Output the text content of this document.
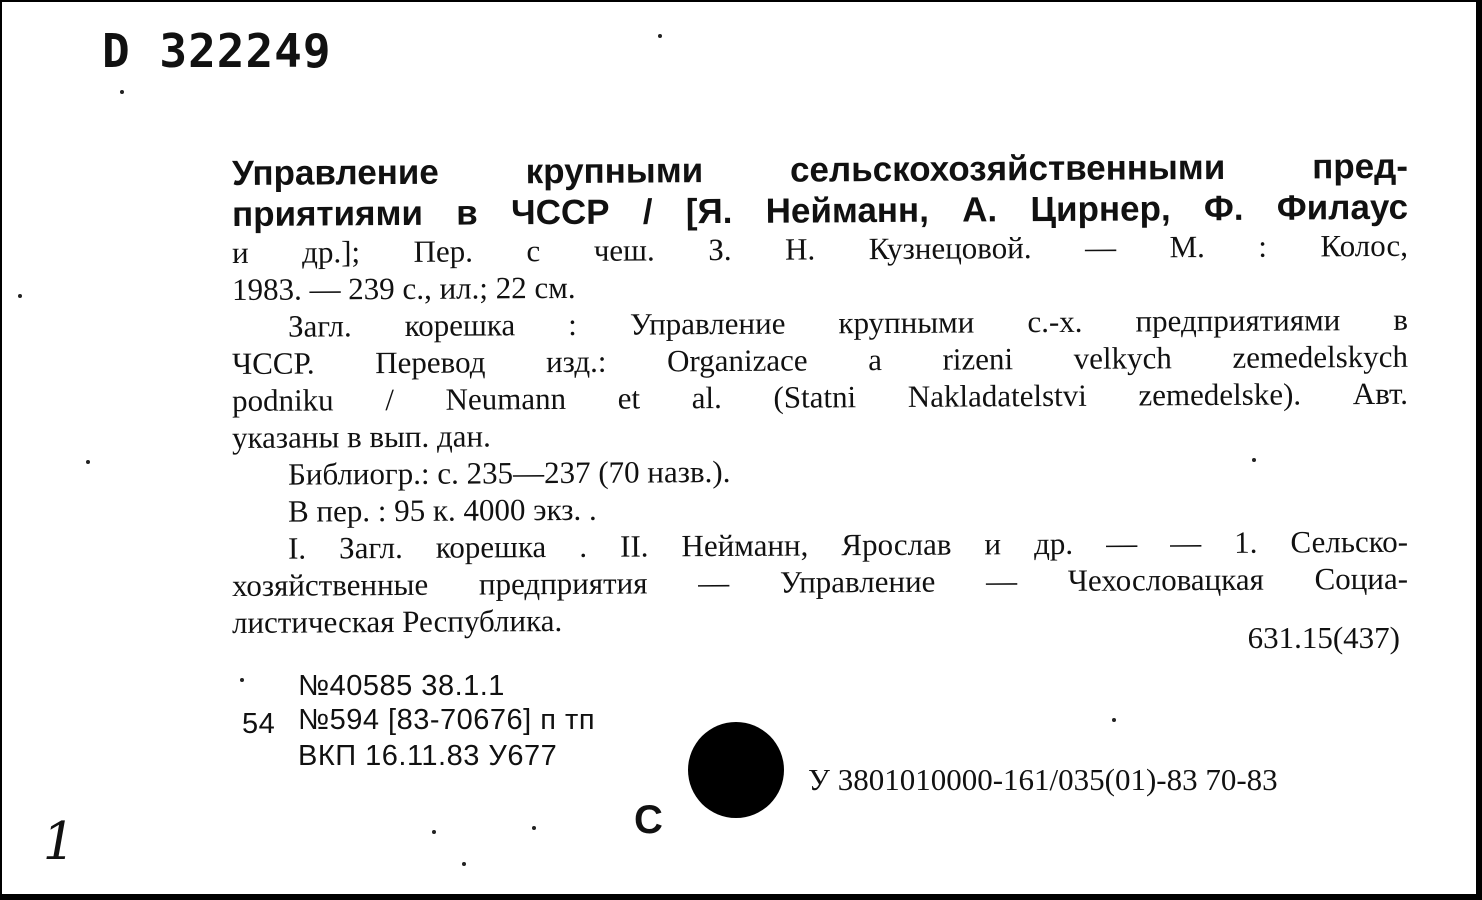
D 322249
Управление крупными сельскохозяйственными пред-
приятиями в ЧССР / [Я. Нейманн, А. Цирнер, Ф. Филаус
и др.]; Пер. с чеш. З. Н. Кузнецовой. — М. : Колос,
1983. — 239 с., ил.; 22 см.
Загл. корешка : Управление крупными с.-х. предприятиями в
ЧССР. Перевод изд.: Organizace a rizeni velkych zemedelskych
podniku / Neumann et al. (Statni Nakladatelstvi zemedelske). Авт.
указаны в вып. дан.
Библиогр.: с. 235—237 (70 назв.).
В пер. : 95 к. 4000 экз. .
I. Загл. корешка . II. Нейманн, Ярослав и др. — — 1. Сельско-
хозяйственные предприятия — Управление — Чехословацкая Социа-
листическая Республика.	631.15(437)
№40585 38.1.1
54 №594 [83-70676] п тп
ВКП 16.11.83 У677
С
У 3801010000-161/035(01)-83 70-83
1
